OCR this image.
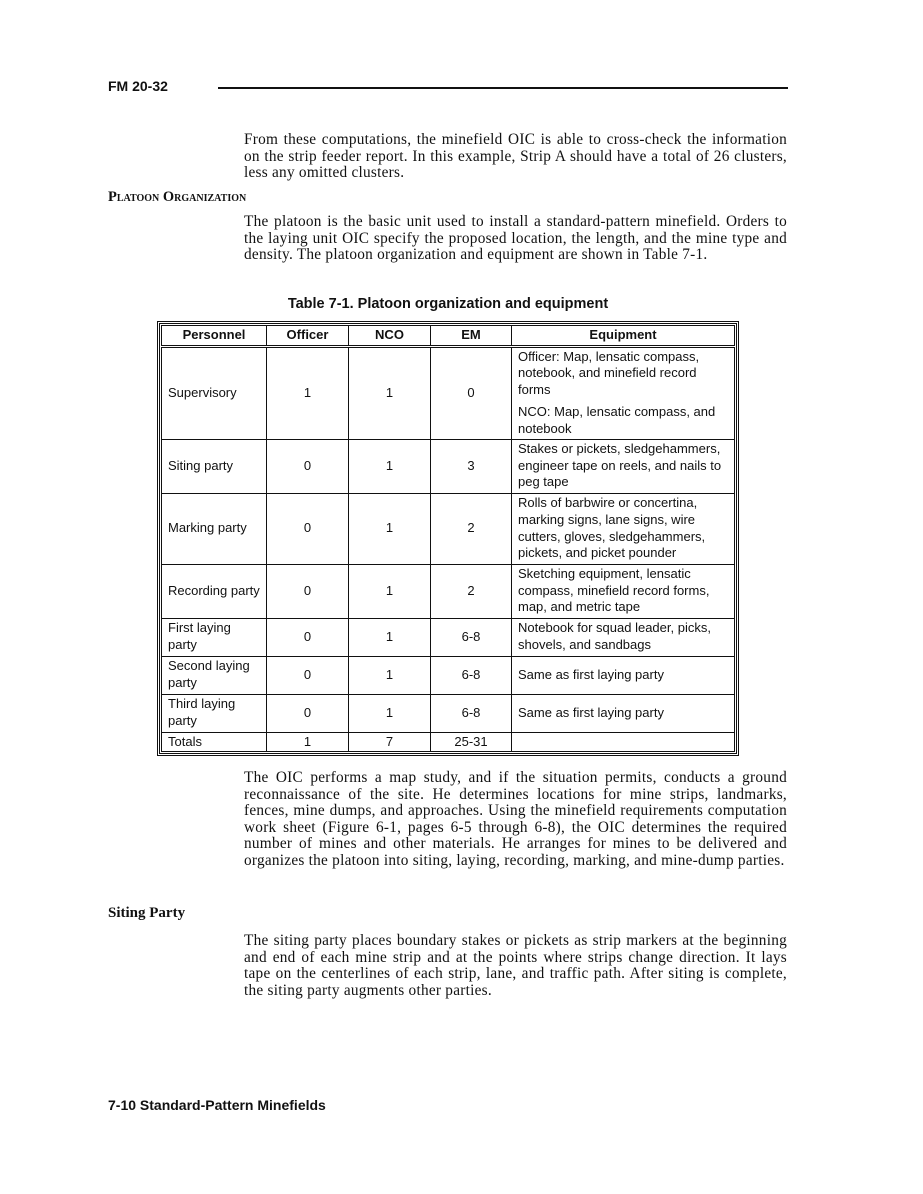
FM 20-32

From these computations, the minefield OIC is able to cross-check the information on the strip feeder report. In this example, Strip A should have a total of 26 clusters, less any omitted clusters.

Platoon Organization

The platoon is the basic unit used to install a standard-pattern minefield. Orders to the laying unit OIC specify the proposed location, the length, and the mine type and density. The platoon organization and equipment are shown in Table 7-1.

Table 7-1. Platoon organization and equipment
Personnel	Officer	NCO	EM	Equipment

Supervisory	1	1	0	Officer: Map, lensatic compass, notebook, and minefield record forms
NCO: Map, lensatic compass, and notebook

Siting party	0	1	3	Stakes or pickets, sledgehammers, engineer tape on reels, and nails to peg tape

Marking party	0	1	2	Rolls of barbwire or concertina, marking signs, lane signs, wire cutters, gloves, sledgehammers, pickets, and picket pounder

Recording party	0	1	2	Sketching equipment, lensatic compass, minefield record forms, map, and metric tape

First laying party	0	1	6-8	Notebook for squad leader, picks, shovels, and sandbags

Second laying party	0	1	6-8	Same as first laying party

Third laying party	0	1	6-8	Same as first laying party

Totals	1	7	25-31	

The OIC performs a map study, and if the situation permits, conducts a ground reconnaissance of the site. He determines locations for mine strips, landmarks, fences, mine dumps, and approaches. Using the minefield requirements computation work sheet (Figure 6-1, pages 6-5 through 6-8), the OIC determines the required number of mines and other materials. He arranges for mines to be delivered and organizes the platoon into siting, laying, recording, marking, and mine-dump parties.

Siting Party

The siting party places boundary stakes or pickets as strip markers at the beginning and end of each mine strip and at the points where strips change direction. It lays tape on the centerlines of each strip, lane, and traffic path. After siting is complete, the siting party augments other parties.

7-10 Standard-Pattern Minefields
